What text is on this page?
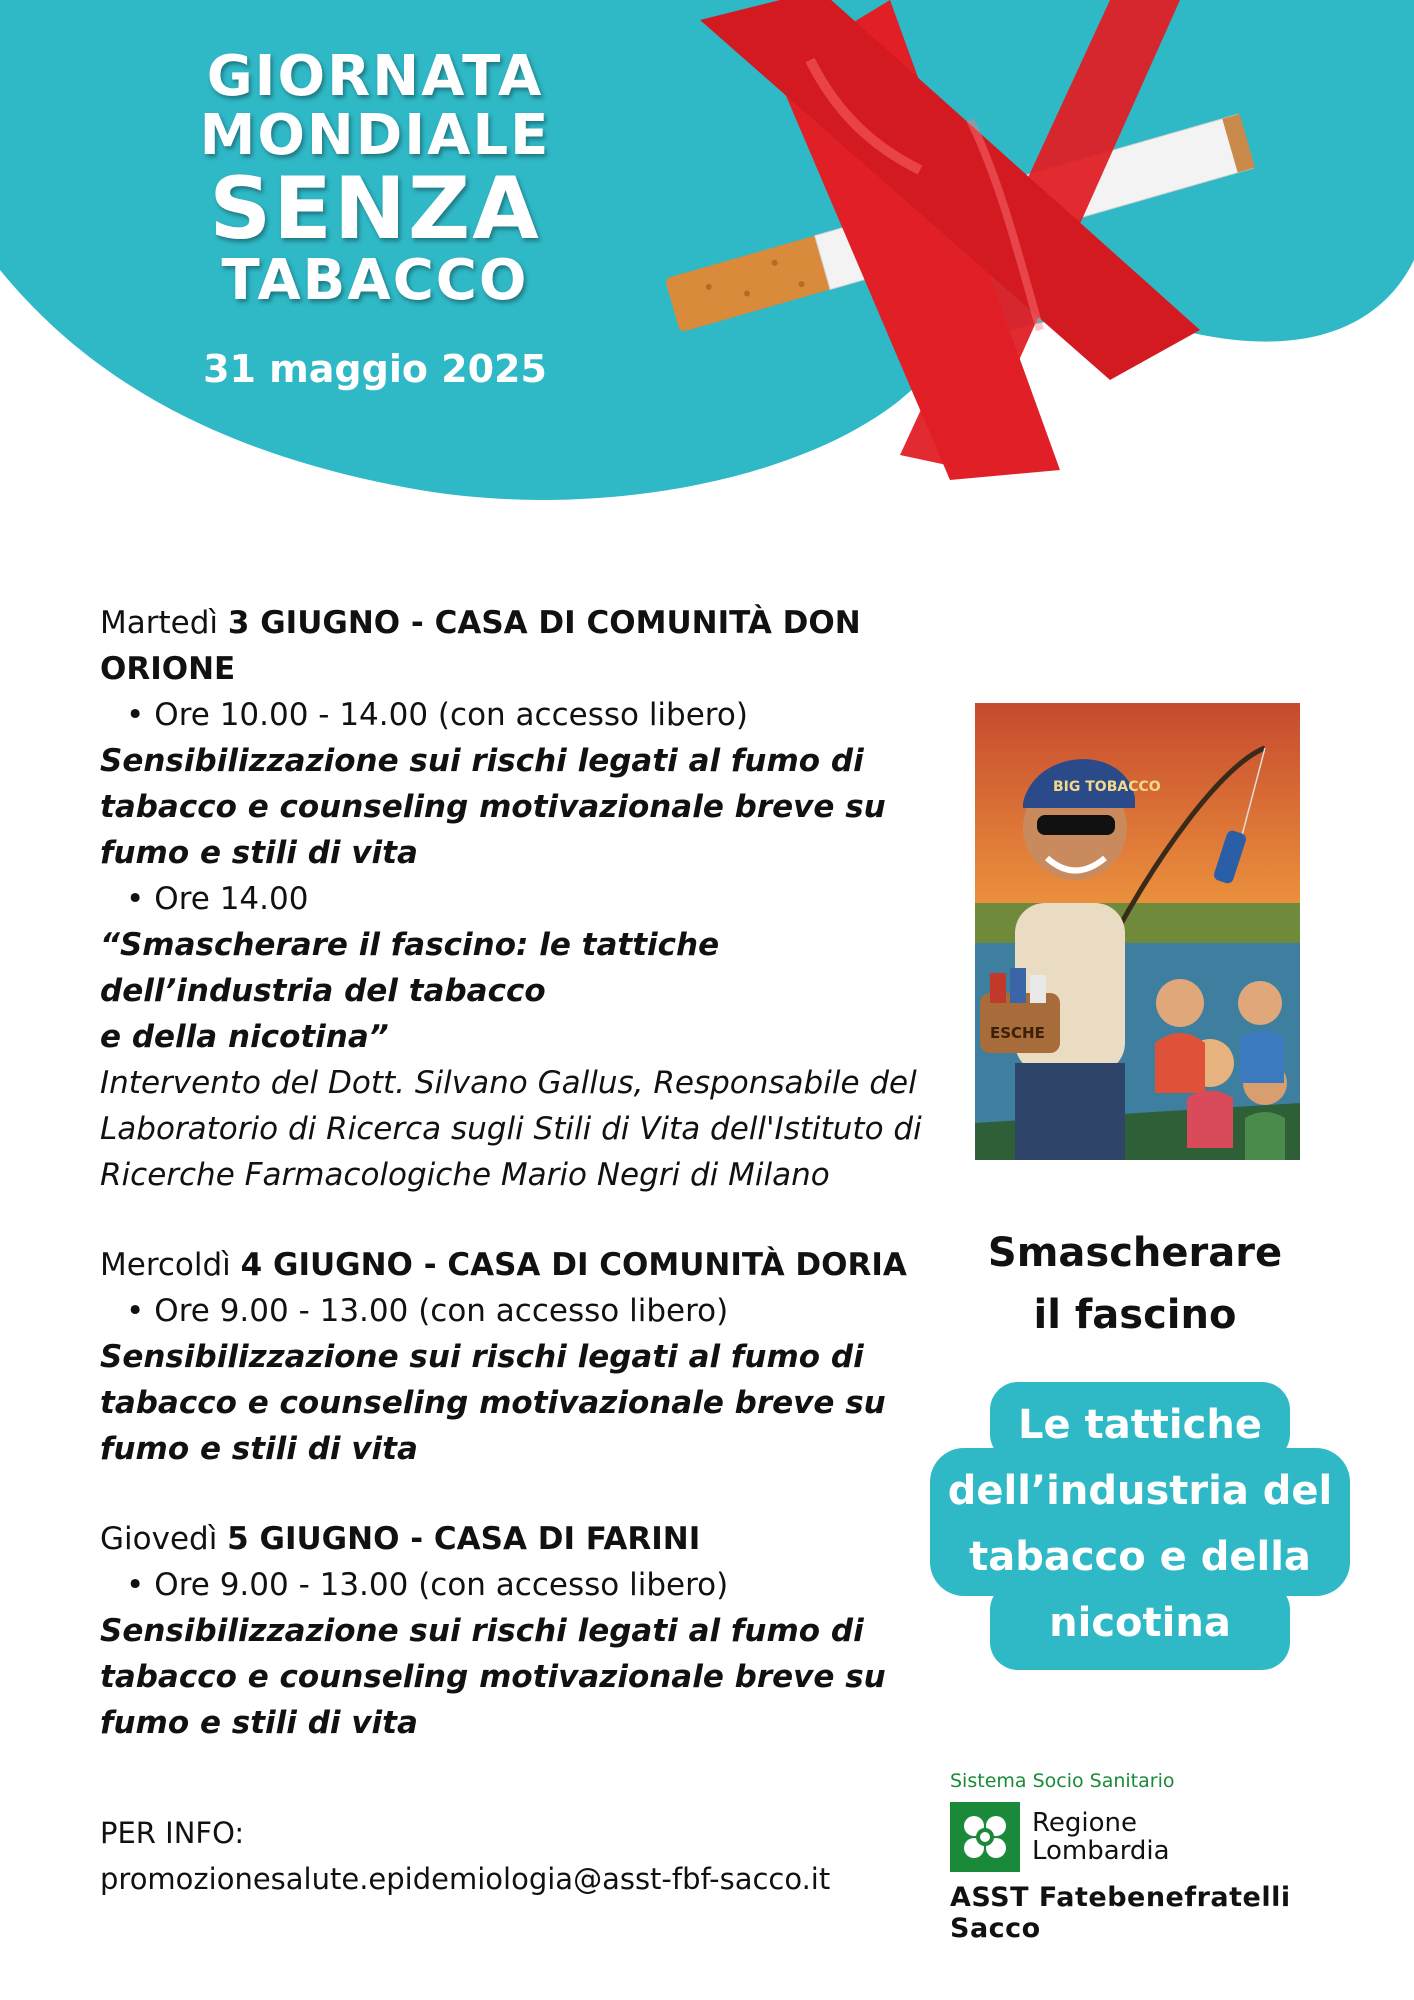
GIORNATA
MONDIALE
SENZA
TABACCO
31 maggio 2025

Martedì 3 GIUGNO - CASA DI COMUNITÀ DON ORIONE

• Ore 10.00 - 14.00 (con accesso libero)

Sensibilizzazione sui rischi legati al fumo di tabacco e counseling motivazionale breve su fumo e stili di vita

• Ore 14.00

“Smascherare il fascino: le tattiche dell’industria del tabacco

e della nicotina”

Intervento del Dott. Silvano Gallus, Responsabile del Laboratorio di Ricerca sugli Stili di Vita dell'Istituto di Ricerche Farmacologiche Mario Negri di Milano

Mercoldì 4 GIUGNO - CASA DI COMUNITÀ DORIA

• Ore 9.00 - 13.00 (con accesso libero)

Sensibilizzazione sui rischi legati al fumo di tabacco e counseling motivazionale breve su fumo e stili di vita

Giovedì 5 GIUGNO - CASA DI FARINI

• Ore 9.00 - 13.00 (con accesso libero)

Sensibilizzazione sui rischi legati al fumo di tabacco e counseling motivazionale breve su fumo e stili di vita

PER INFO:
promozionesalute.epidemiologia@asst-fbf-sacco.it
BIG TOBACCO
ESCHE
Smascherare
il fascino
Le tattiche
dell’industria del
tabacco e della
nicotina
Sistema Socio Sanitario
Regione
Lombardia
ASST Fatebenefratelli Sacco
